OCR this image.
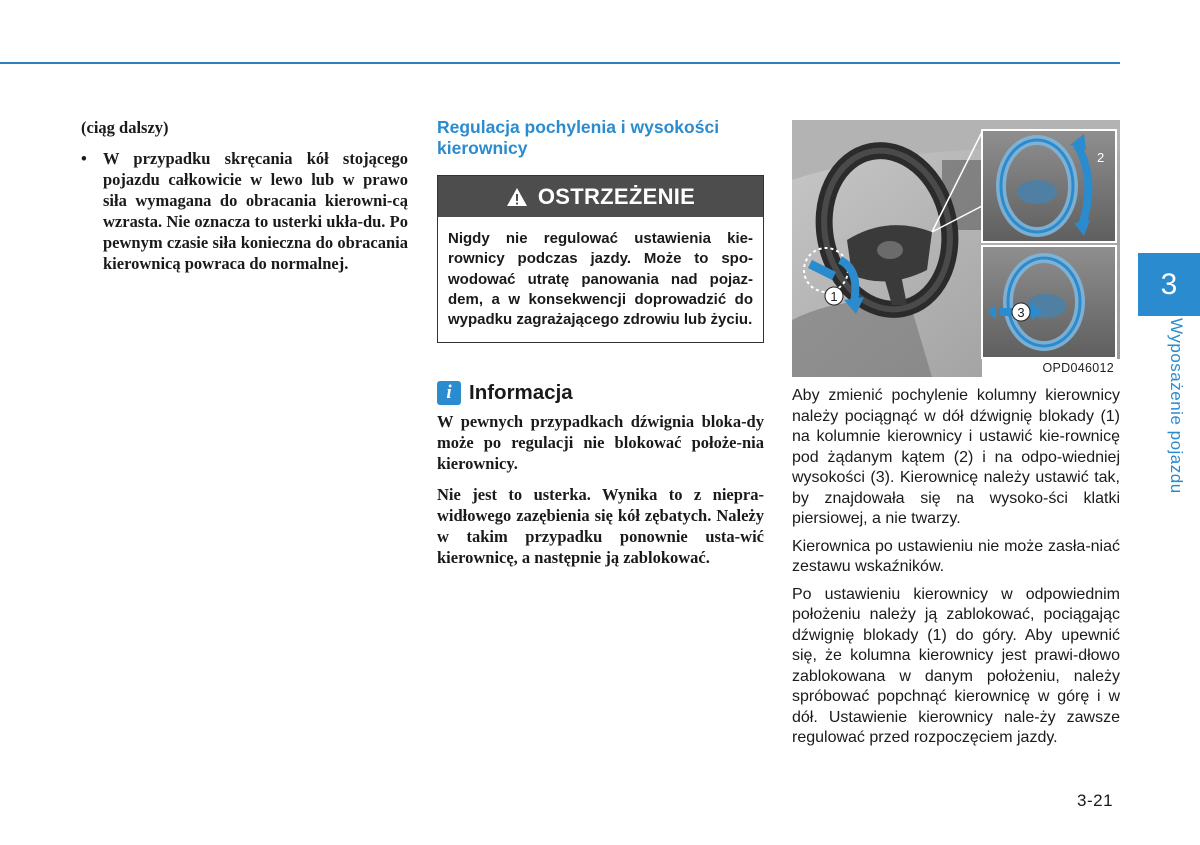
(ciąg dalszy)

• W przypadku skręcania kół stojącego pojazdu całkowicie w lewo lub w prawo siła wymagana do obracania kierowni-cą wzrasta. Nie oznacza to usterki ukła-du. Po pewnym czasie siła konieczna do obracania kierownicą powraca do normalnej.
Regulacja pochylenia i wysokości kierownicy
OSTRZEŻENIE
Nigdy nie regulować ustawienia kie-rownicy podczas jazdy. Może to spo-wodować utratę panowania nad pojaz-dem, a w konsekwencji doprowadzić do wypadku zagrażającego zdrowiu lub życiu.
i Informacja

W pewnych przypadkach dźwignia bloka-dy może po regulacji nie blokować położe-nia kierownicy.

Nie jest to usterka. Wynika to z niepra-widłowego zazębienia się kół zębatych. Należy w takim przypadku ponownie usta-wić kierownicę, a następnie ją zablokować.

1
2
3
OPD046012

Aby zmienić pochylenie kolumny kierownicy należy pociągnąć w dół dźwignię blokady (1) na kolumnie kierownicy i ustawić kie-rownicę pod żądanym kątem (2) i na odpo-wiedniej wysokości (3). Kierownicę należy ustawić tak, by znajdowała się na wysoko-ści klatki piersiowej, a nie twarzy.

Kierownica po ustawieniu nie może zasła-niać zestawu wskaźników.

Po ustawieniu kierownicy w odpowiednim położeniu należy ją zablokować, pociągając dźwignię blokady (1) do góry. Aby upewnić się, że kolumna kierownicy jest prawi-dłowo zablokowana w danym położeniu, należy spróbować popchnąć kierownicę w górę i w dół. Ustawienie kierownicy nale-ży zawsze regulować przed rozpoczęciem jazdy.

3
Wyposażenie pojazdu
3-21
